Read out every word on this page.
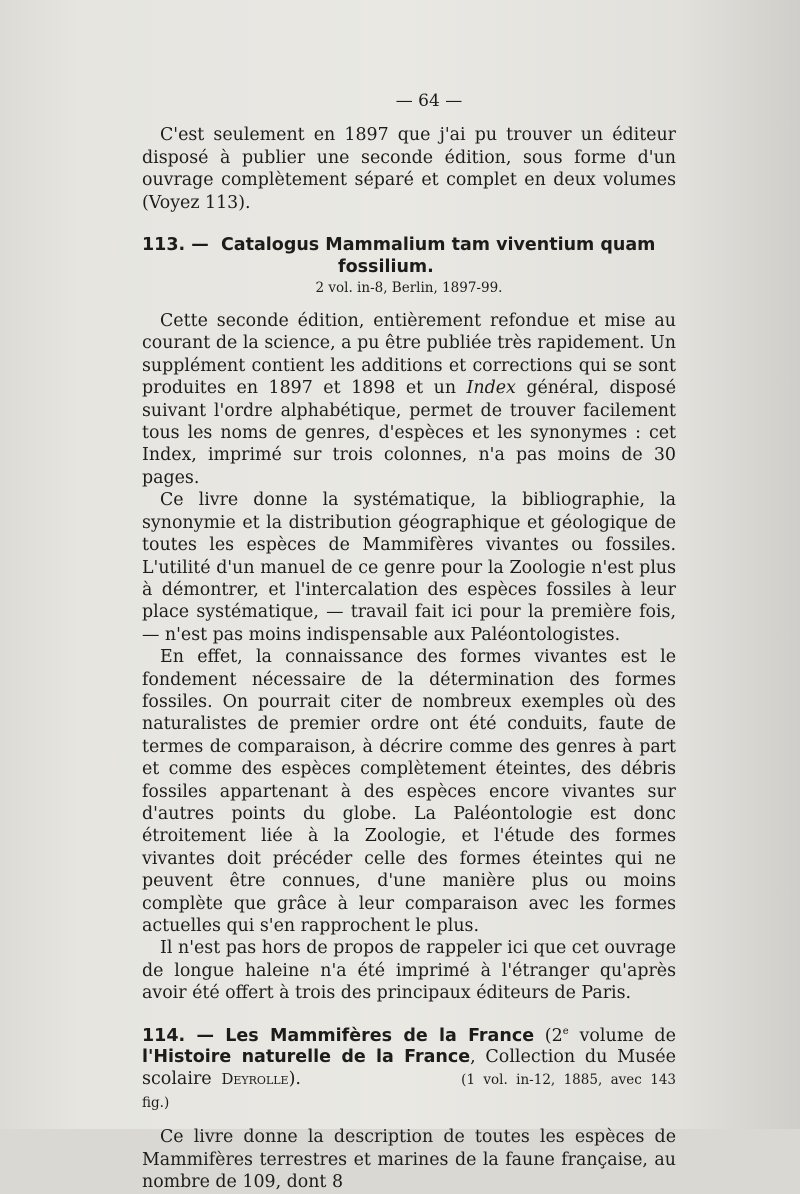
— 64 —

C'est seulement en 1897 que j'ai pu trouver un éditeur disposé à publier une seconde édition, sous forme d'un ouvrage complètement séparé et complet en deux volumes (Voyez 113).

113. — Catalogus Mammalium tam viventium quam
fossilium.
2 vol. in-8, Berlin, 1897-99.

Cette seconde édition, entièrement refondue et mise au courant de la science, a pu être publiée très rapidement. Un supplément contient les additions et corrections qui se sont produites en 1897 et 1898 et un Index général, disposé suivant l'ordre alphabétique, permet de trouver facilement tous les noms de genres, d'espèces et les synonymes : cet Index, imprimé sur trois colonnes, n'a pas moins de 30 pages.

Ce livre donne la systématique, la bibliographie, la synonymie et la distribution géographique et géologique de toutes les espèces de Mammifères vivantes ou fossiles. L'utilité d'un manuel de ce genre pour la Zoologie n'est plus à démontrer, et l'intercalation des espèces fossiles à leur place systématique, — travail fait ici pour la première fois, — n'est pas moins indispensable aux Paléontologistes.

En effet, la connaissance des formes vivantes est le fondement nécessaire de la détermination des formes fossiles. On pourrait citer de nombreux exemples où des naturalistes de premier ordre ont été conduits, faute de termes de comparaison, à décrire comme des genres à part et comme des espèces complètement éteintes, des débris fossiles appartenant à des espèces encore vivantes sur d'autres points du globe. La Paléontologie est donc étroitement liée à la Zoologie, et l'étude des formes vivantes doit précéder celle des formes éteintes qui ne peuvent être connues, d'une manière plus ou moins complète que grâce à leur comparaison avec les formes actuelles qui s'en rapprochent le plus.

Il n'est pas hors de propos de rappeler ici que cet ouvrage de longue haleine n'a été imprimé à l'étranger qu'après avoir été offert à trois des principaux éditeurs de Paris.

114. — Les Mammifères de la France (2e volume de l'Histoire naturelle de la France, Collection du Musée scolaire Deyrolle).	(1 vol. in-12, 1885, avec 143 fig.)

Ce livre donne la description de toutes les espèces de Mammifères terrestres et marines de la faune française, au nombre de 109, dont 8
